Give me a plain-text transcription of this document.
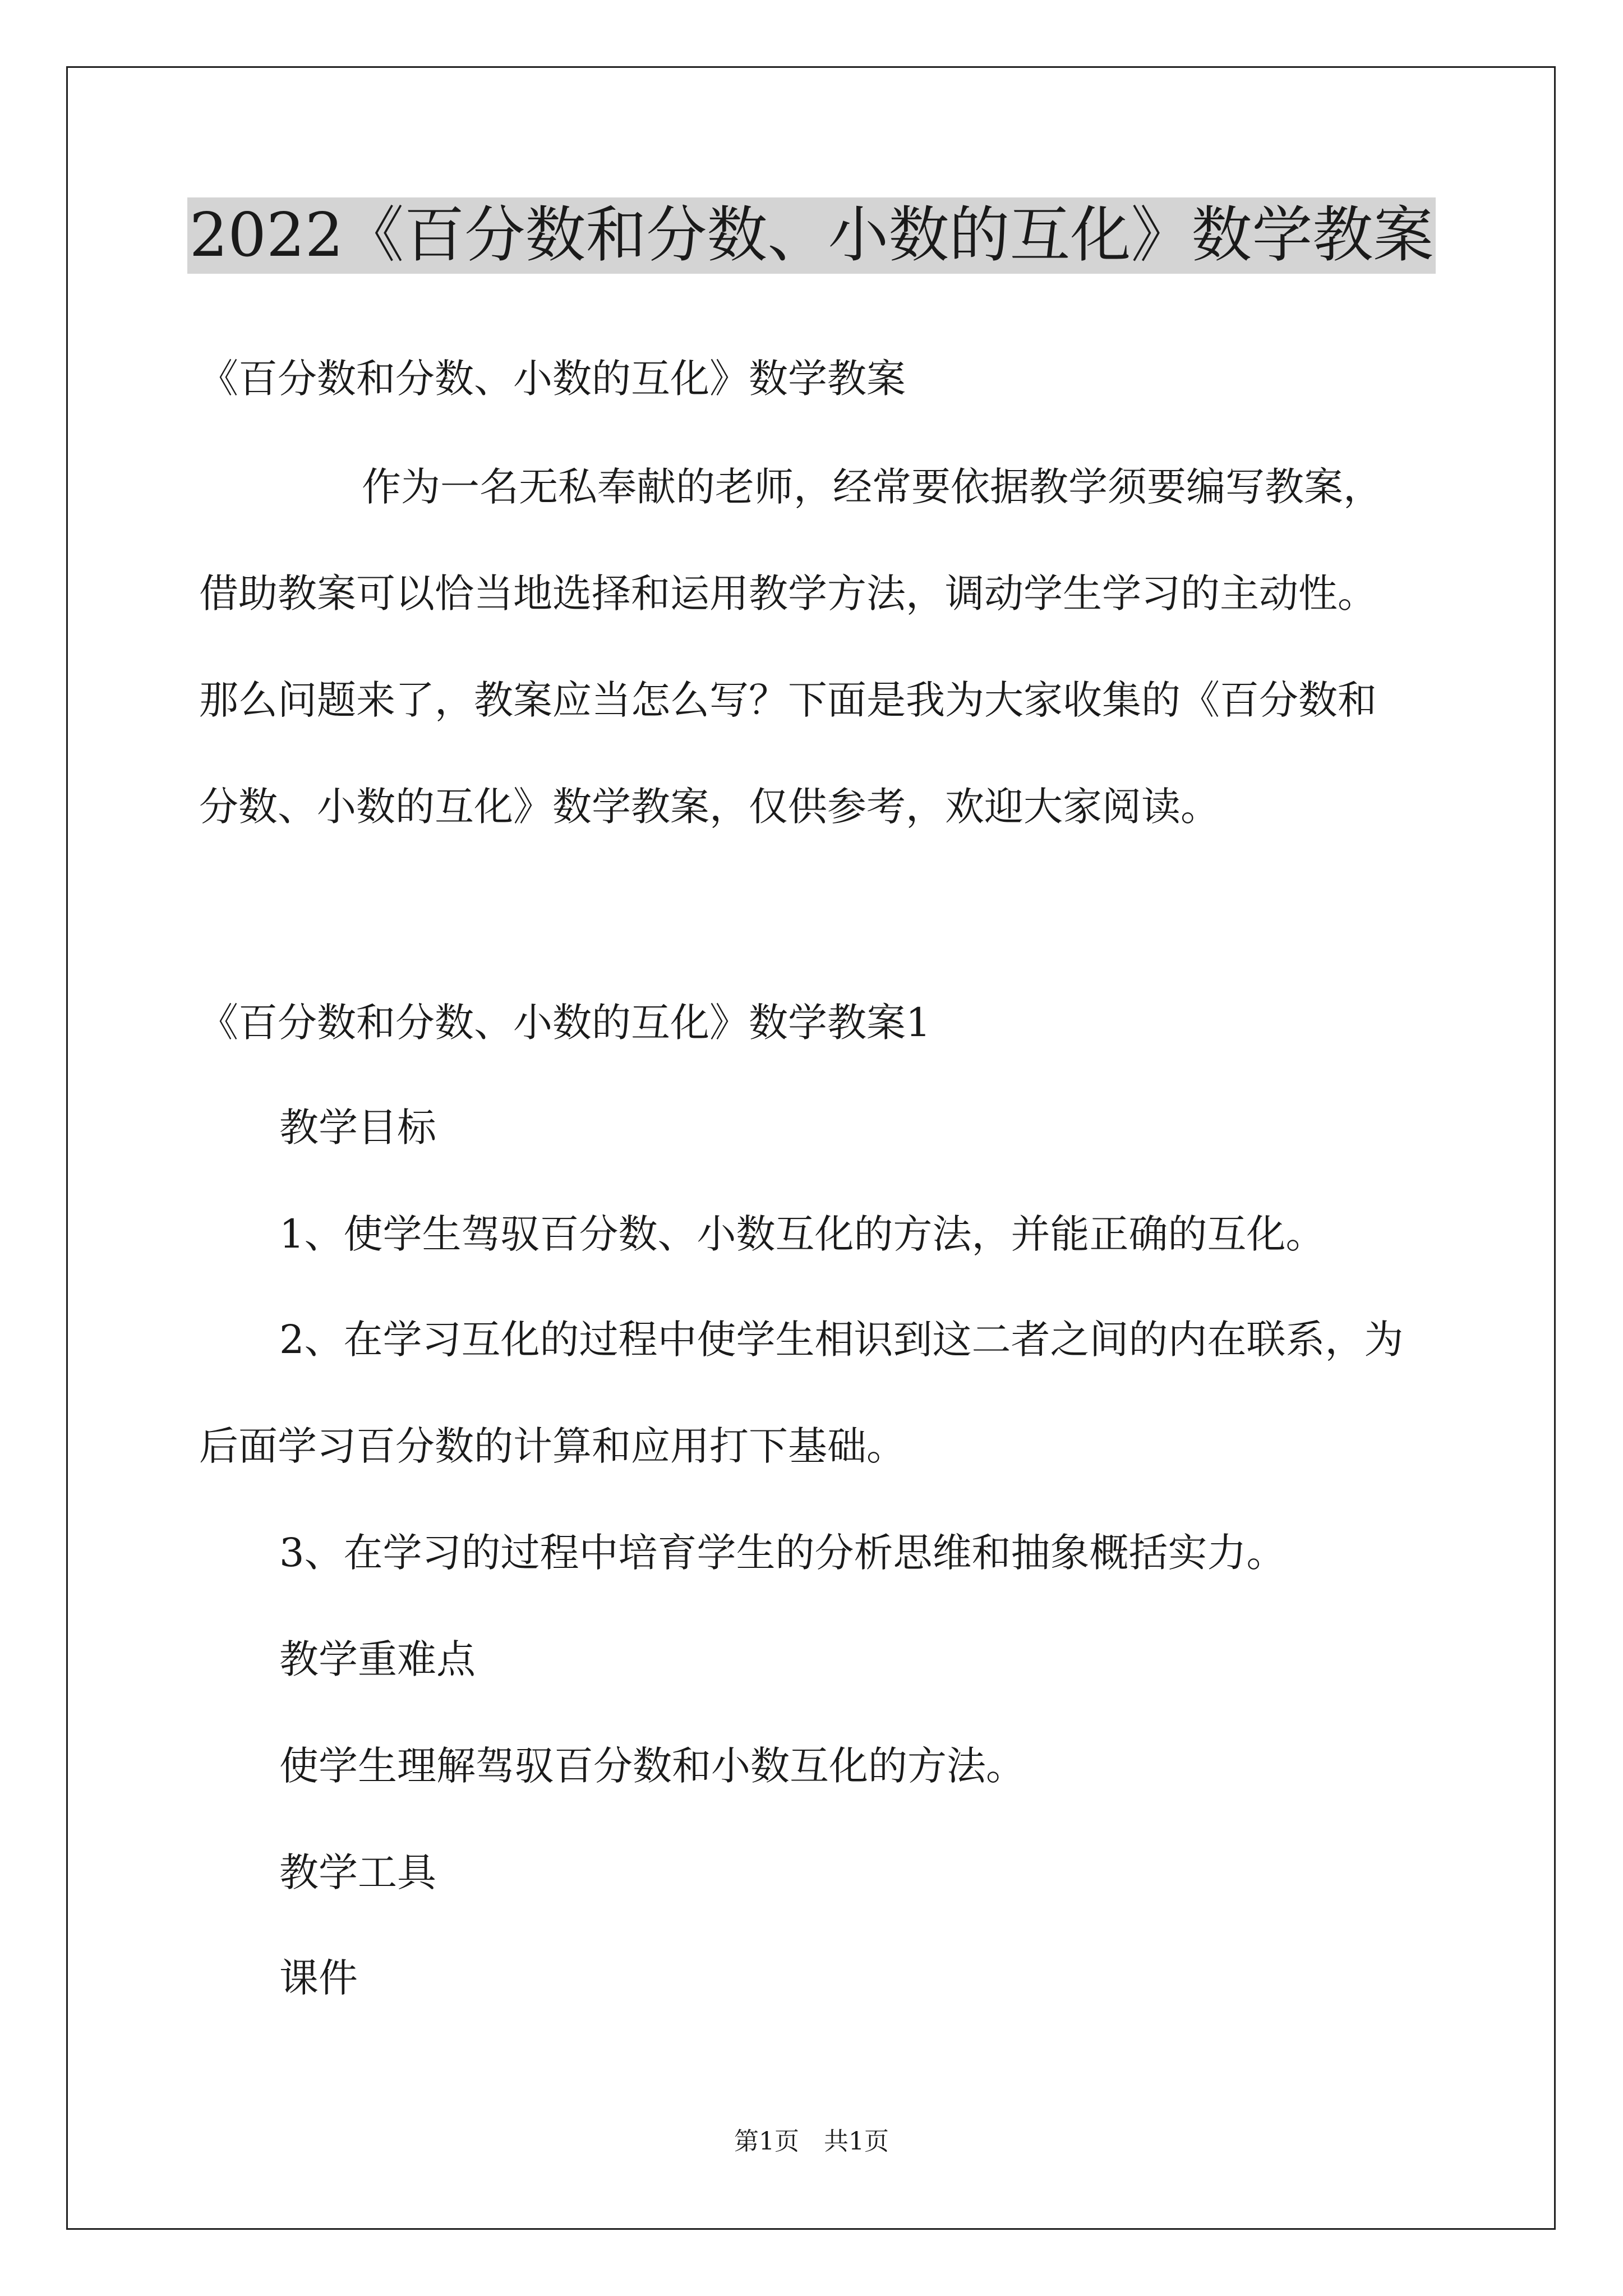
2022《百分数和分数、小数的互化》数学教案
《百分数和分数、小数的互化》数学教案
作为一名无私奉献的老师，经常要依据教学须要编写教案，
借助教案可以恰当地选择和运用教学方法，调动学生学习的主动性。
那么问题来了，教案应当怎么写？下面是我为大家收集的《百分数和
分数、小数的互化》数学教案，仅供参考，欢迎大家阅读。
《百分数和分数、小数的互化》数学教案1
教学目标
1、使学生驾驭百分数、小数互化的方法，并能正确的互化。
2、在学习互化的过程中使学生相识到这二者之间的内在联系，为
后面学习百分数的计算和应用打下基础。
3、在学习的过程中培育学生的分析思维和抽象概括实力。
教学重难点
使学生理解驾驭百分数和小数互化的方法。
教学工具
课件
第1页　共1页
